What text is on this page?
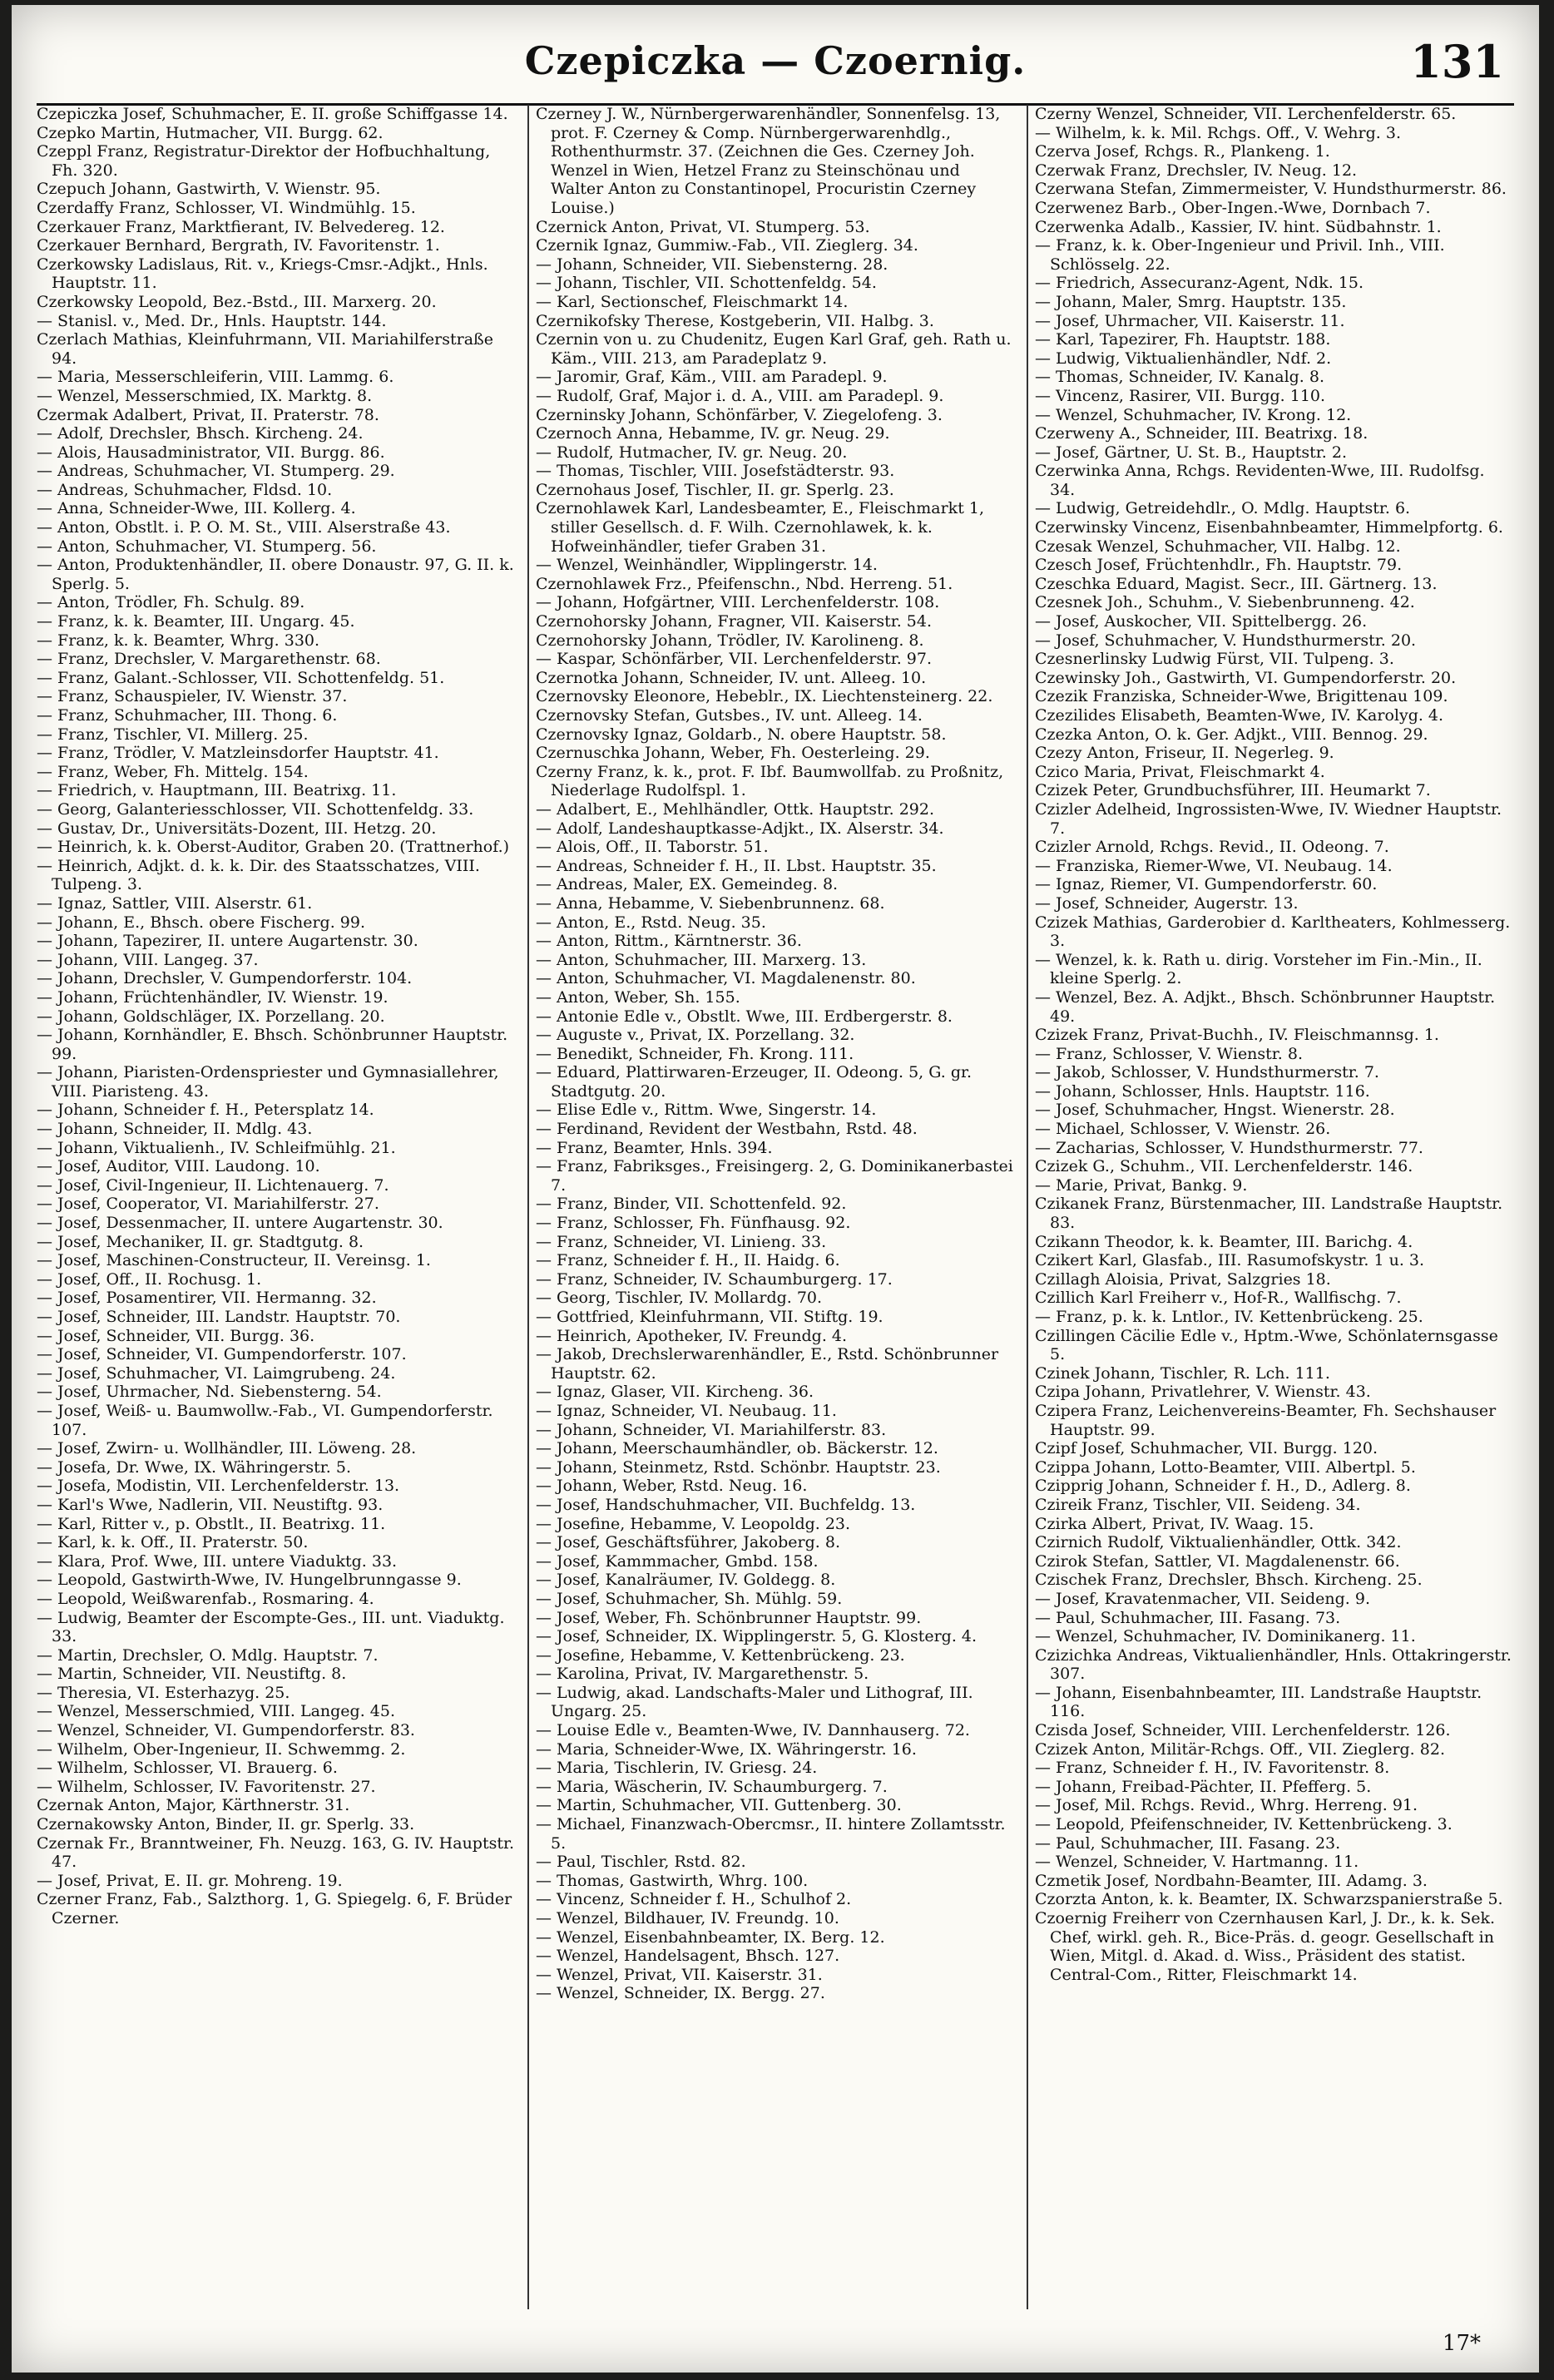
Czepiczka — Czoernig.	131
Czepiczka Josef, Schuhmacher, E. II. große Schiffgasse 14.
Czepko Martin, Hutmacher, VII. Burgg. 62.
Czeppl Franz, Registratur-Direktor der Hofbuchhaltung, Fh. 320.
Czepuch Johann, Gastwirth, V. Wienstr. 95.
Czerdaffy Franz, Schlosser, VI. Windmühlg. 15.
Czerkauer Franz, Marktfierant, IV. Belvedereg. 12.
Czerkauer Bernhard, Bergrath, IV. Favoritenstr. 1.
Czerkowsky Ladislaus, Rit. v., Kriegs-Cmsr.-Adjkt., Hnls. Hauptstr. 11.
Czerkowsky Leopold, Bez.-Bstd., III. Marxerg. 20.
— Stanisl. v., Med. Dr., Hnls. Hauptstr. 144.
Czerlach Mathias, Kleinfuhrmann, VII. Mariahilferstraße 94.
— Maria, Messerschleiferin, VIII. Lammg. 6.
— Wenzel, Messerschmied, IX. Marktg. 8.
Czermak Adalbert, Privat, II. Praterstr. 78.
— Adolf, Drechsler, Bhsch. Kircheng. 24.
— Alois, Hausadministrator, VII. Burgg. 86.
— Andreas, Schuhmacher, VI. Stumperg. 29.
— Andreas, Schuhmacher, Fldsd. 10.
— Anna, Schneider-Wwe, III. Kollerg. 4.
— Anton, Obstlt. i. P. O. M. St., VIII. Alserstraße 43.
— Anton, Schuhmacher, VI. Stumperg. 56.
— Anton, Produktenhändler, II. obere Donaustr. 97, G. II. k. Sperlg. 5.
— Anton, Trödler, Fh. Schulg. 89.
— Franz, k. k. Beamter, III. Ungarg. 45.
— Franz, k. k. Beamter, Whrg. 330.
— Franz, Drechsler, V. Margarethenstr. 68.
— Franz, Galant.-Schlosser, VII. Schottenfeldg. 51.
— Franz, Schauspieler, IV. Wienstr. 37.
— Franz, Schuhmacher, III. Thong. 6.
— Franz, Tischler, VI. Millerg. 25.
— Franz, Trödler, V. Matzleinsdorfer Hauptstr. 41.
— Franz, Weber, Fh. Mittelg. 154.
— Friedrich, v. Hauptmann, III. Beatrixg. 11.
— Georg, Galanteriesschlosser, VII. Schottenfeldg. 33.
— Gustav, Dr., Universitäts-Dozent, III. Hetzg. 20.
— Heinrich, k. k. Oberst-Auditor, Graben 20. (Trattnerhof.)
— Heinrich, Adjkt. d. k. k. Dir. des Staatsschatzes, VIII. Tulpeng. 3.
— Ignaz, Sattler, VIII. Alserstr. 61.
— Johann, E., Bhsch. obere Fischerg. 99.
— Johann, Tapezirer, II. untere Augartenstr. 30.
— Johann, VIII. Langeg. 37.
— Johann, Drechsler, V. Gumpendorferstr. 104.
— Johann, Früchtenhändler, IV. Wienstr. 19.
— Johann, Goldschläger, IX. Porzellang. 20.
— Johann, Kornhändler, E. Bhsch. Schönbrunner Hauptstr. 99.
— Johann, Piaristen-Ordenspriester und Gymnasiallehrer, VIII. Piaristeng. 43.
— Johann, Schneider f. H., Petersplatz 14.
— Johann, Schneider, II. Mdlg. 43.
— Johann, Viktualienh., IV. Schleifmühlg. 21.
— Josef, Auditor, VIII. Laudong. 10.
— Josef, Civil-Ingenieur, II. Lichtenauerg. 7.
— Josef, Cooperator, VI. Mariahilferstr. 27.
— Josef, Dessenmacher, II. untere Augartenstr. 30.
— Josef, Mechaniker, II. gr. Stadtgutg. 8.
— Josef, Maschinen-Constructeur, II. Vereinsg. 1.
— Josef, Off., II. Rochusg. 1.
— Josef, Posamentirer, VII. Hermanng. 32.
— Josef, Schneider, III. Landstr. Hauptstr. 70.
— Josef, Schneider, VII. Burgg. 36.
— Josef, Schneider, VI. Gumpendorferstr. 107.
— Josef, Schuhmacher, VI. Laimgrubeng. 24.
— Josef, Uhrmacher, Nd. Siebensterng. 54.
— Josef, Weiß- u. Baumwollw.-Fab., VI. Gumpendorferstr. 107.
— Josef, Zwirn- u. Wollhändler, III. Löweng. 28.
— Josefa, Dr. Wwe, IX. Währingerstr. 5.
— Josefa, Modistin, VII. Lerchenfelderstr. 13.
— Karl's Wwe, Nadlerin, VII. Neustiftg. 93.
— Karl, Ritter v., p. Obstlt., II. Beatrixg. 11.
— Karl, k. k. Off., II. Praterstr. 50.
— Klara, Prof. Wwe, III. untere Viaduktg. 33.
— Leopold, Gastwirth-Wwe, IV. Hungelbrunngasse 9.
— Leopold, Weißwarenfab., Rosmaring. 4.
— Ludwig, Beamter der Escompte-Ges., III. unt. Viaduktg. 33.
— Martin, Drechsler, O. Mdlg. Hauptstr. 7.
— Martin, Schneider, VII. Neustiftg. 8.
— Theresia, VI. Esterhazyg. 25.
— Wenzel, Messerschmied, VIII. Langeg. 45.
— Wenzel, Schneider, VI. Gumpendorferstr. 83.
— Wilhelm, Ober-Ingenieur, II. Schwemmg. 2.
— Wilhelm, Schlosser, VI. Brauerg. 6.
— Wilhelm, Schlosser, IV. Favoritenstr. 27.
Czernak Anton, Major, Kärthnerstr. 31.
Czernakowsky Anton, Binder, II. gr. Sperlg. 33.
Czernak Fr., Branntweiner, Fh. Neuzg. 163, G. IV. Hauptstr. 47.
— Josef, Privat, E. II. gr. Mohreng. 19.
Czerner Franz, Fab., Salzthorg. 1, G. Spiegelg. 6, F. Brüder Czerner.
Czerney J. W., Nürnbergerwarenhändler, Sonnenfelsg. 13, prot. F. Czerney & Comp. Nürnbergerwarenhdlg., Rothenthurmstr. 37. (Zeichnen die Ges. Czerney Joh. Wenzel in Wien, Hetzel Franz zu Steinschönau und Walter Anton zu Constantinopel, Procuristin Czerney Louise.)
Czernick Anton, Privat, VI. Stumperg. 53.
Czernik Ignaz, Gummiw.-Fab., VII. Zieglerg. 34.
— Johann, Schneider, VII. Siebensterng. 28.
— Johann, Tischler, VII. Schottenfeldg. 54.
— Karl, Sectionschef, Fleischmarkt 14.
Czernikofsky Therese, Kostgeberin, VII. Halbg. 3.
Czernin von u. zu Chudenitz, Eugen Karl Graf, geh. Rath u. Käm., VIII. 213, am Paradeplatz 9.
— Jaromir, Graf, Käm., VIII. am Paradepl. 9.
— Rudolf, Graf, Major i. d. A., VIII. am Paradepl. 9.
Czerninsky Johann, Schönfärber, V. Ziegelofeng. 3.
Czernoch Anna, Hebamme, IV. gr. Neug. 29.
— Rudolf, Hutmacher, IV. gr. Neug. 20.
— Thomas, Tischler, VIII. Josefstädterstr. 93.
Czernohaus Josef, Tischler, II. gr. Sperlg. 23.
Czernohlawek Karl, Landesbeamter, E., Fleischmarkt 1, stiller Gesellsch. d. F. Wilh. Czernohlawek, k. k. Hofweinhändler, tiefer Graben 31.
— Wenzel, Weinhändler, Wipplingerstr. 14.
Czernohlawek Frz., Pfeifenschn., Nbd. Herreng. 51.
— Johann, Hofgärtner, VIII. Lerchenfelderstr. 108.
Czernohorsky Johann, Fragner, VII. Kaiserstr. 54.
Czernohorsky Johann, Trödler, IV. Karolineng. 8.
— Kaspar, Schönfärber, VII. Lerchenfelderstr. 97.
Czernotka Johann, Schneider, IV. unt. Alleeg. 10.
Czernovsky Eleonore, Hebeblr., IX. Liechtensteinerg. 22.
Czernovsky Stefan, Gutsbes., IV. unt. Alleeg. 14.
Czernovsky Ignaz, Goldarb., N. obere Hauptstr. 58.
Czernuschka Johann, Weber, Fh. Oesterleing. 29.
Czerny Franz, k. k., prot. F. Ibf. Baumwollfab. zu Proßnitz, Niederlage Rudolfspl. 1.
— Adalbert, E., Mehlhändler, Ottk. Hauptstr. 292.
— Adolf, Landeshauptkasse-Adjkt., IX. Alserstr. 34.
— Alois, Off., II. Taborstr. 51.
— Andreas, Schneider f. H., II. Lbst. Hauptstr. 35.
— Andreas, Maler, EX. Gemeindeg. 8.
— Anna, Hebamme, V. Siebenbrunnenz. 68.
— Anton, E., Rstd. Neug. 35.
— Anton, Rittm., Kärntnerstr. 36.
— Anton, Schuhmacher, III. Marxerg. 13.
— Anton, Schuhmacher, VI. Magdalenenstr. 80.
— Anton, Weber, Sh. 155.
— Antonie Edle v., Obstlt. Wwe, III. Erdbergerstr. 8.
— Auguste v., Privat, IX. Porzellang. 32.
— Benedikt, Schneider, Fh. Krong. 111.
— Eduard, Plattirwaren-Erzeuger, II. Odeong. 5, G. gr. Stadtgutg. 20.
— Elise Edle v., Rittm. Wwe, Singerstr. 14.
— Ferdinand, Revident der Westbahn, Rstd. 48.
— Franz, Beamter, Hnls. 394.
— Franz, Fabriksges., Freisingerg. 2, G. Dominikanerbastei 7.
— Franz, Binder, VII. Schottenfeld. 92.
— Franz, Schlosser, Fh. Fünfhausg. 92.
— Franz, Schneider, VI. Linieng. 33.
— Franz, Schneider f. H., II. Haidg. 6.
— Franz, Schneider, IV. Schaumburgerg. 17.
— Georg, Tischler, IV. Mollardg. 70.
— Gottfried, Kleinfuhrmann, VII. Stiftg. 19.
— Heinrich, Apotheker, IV. Freundg. 4.
— Jakob, Drechslerwarenhändler, E., Rstd. Schönbrunner Hauptstr. 62.
— Ignaz, Glaser, VII. Kircheng. 36.
— Ignaz, Schneider, VI. Neubaug. 11.
— Johann, Schneider, VI. Mariahilferstr. 83.
— Johann, Meerschaumhändler, ob. Bäckerstr. 12.
— Johann, Steinmetz, Rstd. Schönbr. Hauptstr. 23.
— Johann, Weber, Rstd. Neug. 16.
— Josef, Handschuhmacher, VII. Buchfeldg. 13.
— Josefine, Hebamme, V. Leopoldg. 23.
— Josef, Geschäftsführer, Jakoberg. 8.
— Josef, Kammmacher, Gmbd. 158.
— Josef, Kanalräumer, IV. Goldegg. 8.
— Josef, Schuhmacher, Sh. Mühlg. 59.
— Josef, Weber, Fh. Schönbrunner Hauptstr. 99.
— Josef, Schneider, IX. Wipplingerstr. 5, G. Klosterg. 4.
— Josefine, Hebamme, V. Kettenbrückeng. 23.
— Karolina, Privat, IV. Margarethenstr. 5.
— Ludwig, akad. Landschafts-Maler und Lithograf, III. Ungarg. 25.
— Louise Edle v., Beamten-Wwe, IV. Dannhauserg. 72.
— Maria, Schneider-Wwe, IX. Währingerstr. 16.
— Maria, Tischlerin, IV. Griesg. 24.
— Maria, Wäscherin, IV. Schaumburgerg. 7.
— Martin, Schuhmacher, VII. Guttenberg. 30.
— Michael, Finanzwach-Obercmsr., II. hintere Zollamtsstr. 5.
— Paul, Tischler, Rstd. 82.
— Thomas, Gastwirth, Whrg. 100.
— Vincenz, Schneider f. H., Schulhof 2.
— Wenzel, Bildhauer, IV. Freundg. 10.
— Wenzel, Eisenbahnbeamter, IX. Berg. 12.
— Wenzel, Handelsagent, Bhsch. 127.
— Wenzel, Privat, VII. Kaiserstr. 31.
— Wenzel, Schneider, IX. Bergg. 27.
Czerny Wenzel, Schneider, VII. Lerchenfelderstr. 65.
— Wilhelm, k. k. Mil. Rchgs. Off., V. Wehrg. 3.
Czerva Josef, Rchgs. R., Plankeng. 1.
Czerwak Franz, Drechsler, IV. Neug. 12.
Czerwana Stefan, Zimmermeister, V. Hundsthurmerstr. 86.
Czerwenez Barb., Ober-Ingen.-Wwe, Dornbach 7.
Czerwenka Adalb., Kassier, IV. hint. Südbahnstr. 1.
— Franz, k. k. Ober-Ingenieur und Privil. Inh., VIII. Schlösselg. 22.
— Friedrich, Assecuranz-Agent, Ndk. 15.
— Johann, Maler, Smrg. Hauptstr. 135.
— Josef, Uhrmacher, VII. Kaiserstr. 11.
— Karl, Tapezirer, Fh. Hauptstr. 188.
— Ludwig, Viktualienhändler, Ndf. 2.
— Thomas, Schneider, IV. Kanalg. 8.
— Vincenz, Rasirer, VII. Burgg. 110.
— Wenzel, Schuhmacher, IV. Krong. 12.
Czerweny A., Schneider, III. Beatrixg. 18.
— Josef, Gärtner, U. St. B., Hauptstr. 2.
Czerwinka Anna, Rchgs. Revidenten-Wwe, III. Rudolfsg. 34.
— Ludwig, Getreidehdlr., O. Mdlg. Hauptstr. 6.
Czerwinsky Vincenz, Eisenbahnbeamter, Himmelpfortg. 6.
Czesak Wenzel, Schuhmacher, VII. Halbg. 12.
Czesch Josef, Früchtenhdlr., Fh. Hauptstr. 79.
Czeschka Eduard, Magist. Secr., III. Gärtnerg. 13.
Czesnek Joh., Schuhm., V. Siebenbrunneng. 42.
— Josef, Auskocher, VII. Spittelbergg. 26.
— Josef, Schuhmacher, V. Hundsthurmerstr. 20.
Czesnerlinsky Ludwig Fürst, VII. Tulpeng. 3.
Czewinsky Joh., Gastwirth, VI. Gumpendorferstr. 20.
Czezik Franziska, Schneider-Wwe, Brigittenau 109.
Czezilides Elisabeth, Beamten-Wwe, IV. Karolyg. 4.
Czezka Anton, O. k. Ger. Adjkt., VIII. Bennog. 29.
Czezy Anton, Friseur, II. Negerleg. 9.
Czico Maria, Privat, Fleischmarkt 4.
Czizek Peter, Grundbuchsführer, III. Heumarkt 7.
Czizler Adelheid, Ingrossisten-Wwe, IV. Wiedner Hauptstr. 7.
Czizler Arnold, Rchgs. Revid., II. Odeong. 7.
— Franziska, Riemer-Wwe, VI. Neubaug. 14.
— Ignaz, Riemer, VI. Gumpendorferstr. 60.
— Josef, Schneider, Augerstr. 13.
Czizek Mathias, Garderobier d. Karltheaters, Kohlmesserg. 3.
— Wenzel, k. k. Rath u. dirig. Vorsteher im Fin.-Min., II. kleine Sperlg. 2.
— Wenzel, Bez. A. Adjkt., Bhsch. Schönbrunner Hauptstr. 49.
Czizek Franz, Privat-Buchh., IV. Fleischmannsg. 1.
— Franz, Schlosser, V. Wienstr. 8.
— Jakob, Schlosser, V. Hundsthurmerstr. 7.
— Johann, Schlosser, Hnls. Hauptstr. 116.
— Josef, Schuhmacher, Hngst. Wienerstr. 28.
— Michael, Schlosser, V. Wienstr. 26.
— Zacharias, Schlosser, V. Hundsthurmerstr. 77.
Czizek G., Schuhm., VII. Lerchenfelderstr. 146.
— Marie, Privat, Bankg. 9.
Czikanek Franz, Bürstenmacher, III. Landstraße Hauptstr. 83.
Czikann Theodor, k. k. Beamter, III. Barichg. 4.
Czikert Karl, Glasfab., III. Rasumofskystr. 1 u. 3.
Czillagh Aloisia, Privat, Salzgries 18.
Czillich Karl Freiherr v., Hof-R., Wallfischg. 7.
— Franz, p. k. k. Lntlor., IV. Kettenbrückeng. 25.
Czillingen Cäcilie Edle v., Hptm.-Wwe, Schönlaternsgasse 5.
Czinek Johann, Tischler, R. Lch. 111.
Czipa Johann, Privatlehrer, V. Wienstr. 43.
Czipera Franz, Leichenvereins-Beamter, Fh. Sechshauser Hauptstr. 99.
Czipf Josef, Schuhmacher, VII. Burgg. 120.
Czippa Johann, Lotto-Beamter, VIII. Albertpl. 5.
Czipprig Johann, Schneider f. H., D., Adlerg. 8.
Czireik Franz, Tischler, VII. Seideng. 34.
Czirka Albert, Privat, IV. Waag. 15.
Czirnich Rudolf, Viktualienhändler, Ottk. 342.
Czirok Stefan, Sattler, VI. Magdalenenstr. 66.
Czischek Franz, Drechsler, Bhsch. Kircheng. 25.
— Josef, Kravatenmacher, VII. Seideng. 9.
— Paul, Schuhmacher, III. Fasang. 73.
— Wenzel, Schuhmacher, IV. Dominikanerg. 11.
Czizichka Andreas, Viktualienhändler, Hnls. Ottakringerstr. 307.
— Johann, Eisenbahnbeamter, III. Landstraße Hauptstr. 116.
Czisda Josef, Schneider, VIII. Lerchenfelderstr. 126.
Czizek Anton, Militär-Rchgs. Off., VII. Zieglerg. 82.
— Franz, Schneider f. H., IV. Favoritenstr. 8.
— Johann, Freibad-Pächter, II. Pfefferg. 5.
— Josef, Mil. Rchgs. Revid., Whrg. Herreng. 91.
— Leopold, Pfeifenschneider, IV. Kettenbrückeng. 3.
— Paul, Schuhmacher, III. Fasang. 23.
— Wenzel, Schneider, V. Hartmanng. 11.
Czmetik Josef, Nordbahn-Beamter, III. Adamg. 3.
Czorzta Anton, k. k. Beamter, IX. Schwarzspanierstraße 5.
Czoernig Freiherr von Czernhausen Karl, J. Dr., k. k. Sek. Chef, wirkl. geh. R., Bice-Präs. d. geogr. Gesellschaft in Wien, Mitgl. d. Akad. d. Wiss., Präsident des statist. Central-Com., Ritter, Fleischmarkt 14.
17*
